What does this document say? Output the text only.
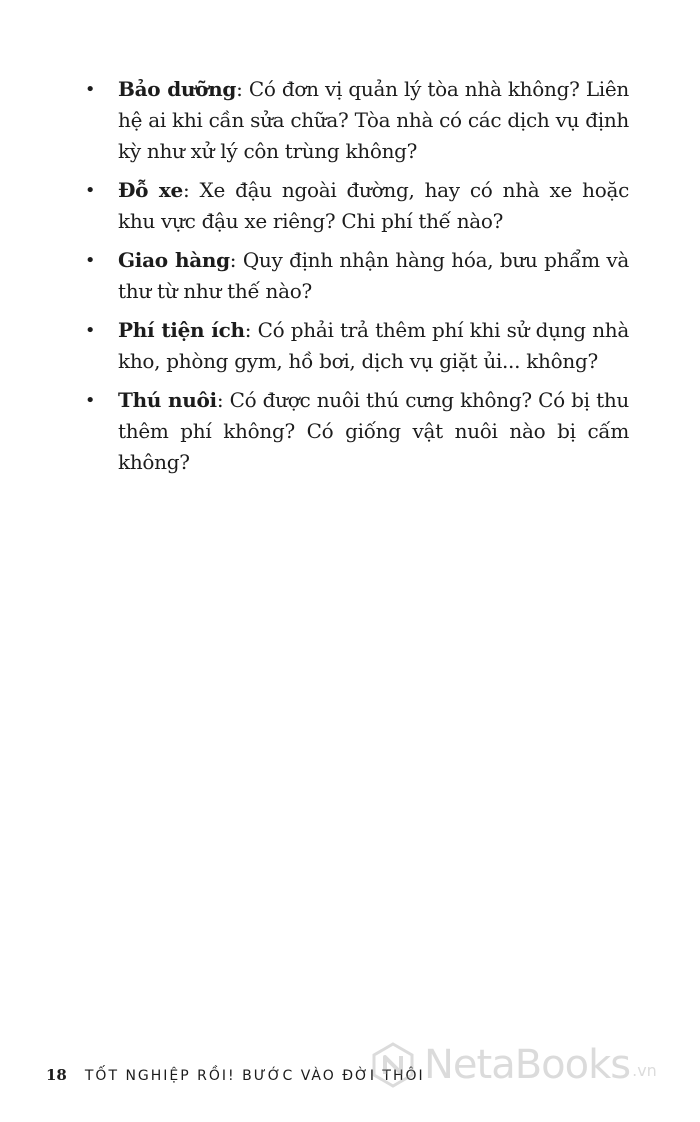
• Bảo dưỡng: Có đơn vị quản lý tòa nhà không? Liên hệ ai khi cần sửa chữa? Tòa nhà có các dịch vụ định kỳ như xử lý côn trùng không?
• Đỗ xe: Xe đậu ngoài đường, hay có nhà xe hoặc khu vực đậu xe riêng? Chi phí thế nào?
• Giao hàng: Quy định nhận hàng hóa, bưu phẩm và thư từ như thế nào?
• Phí tiện ích: Có phải trả thêm phí khi sử dụng nhà kho, phòng gym, hồ bơi, dịch vụ giặt ủi... không?
• Thú nuôi: Có được nuôi thú cưng không? Có bị thu thêm phí không? Có giống vật nuôi nào bị cấm không?
18 TỐT NGHIỆP RỒI! BƯỚC VÀO ĐỜI THÔI NetaBooks .vn
